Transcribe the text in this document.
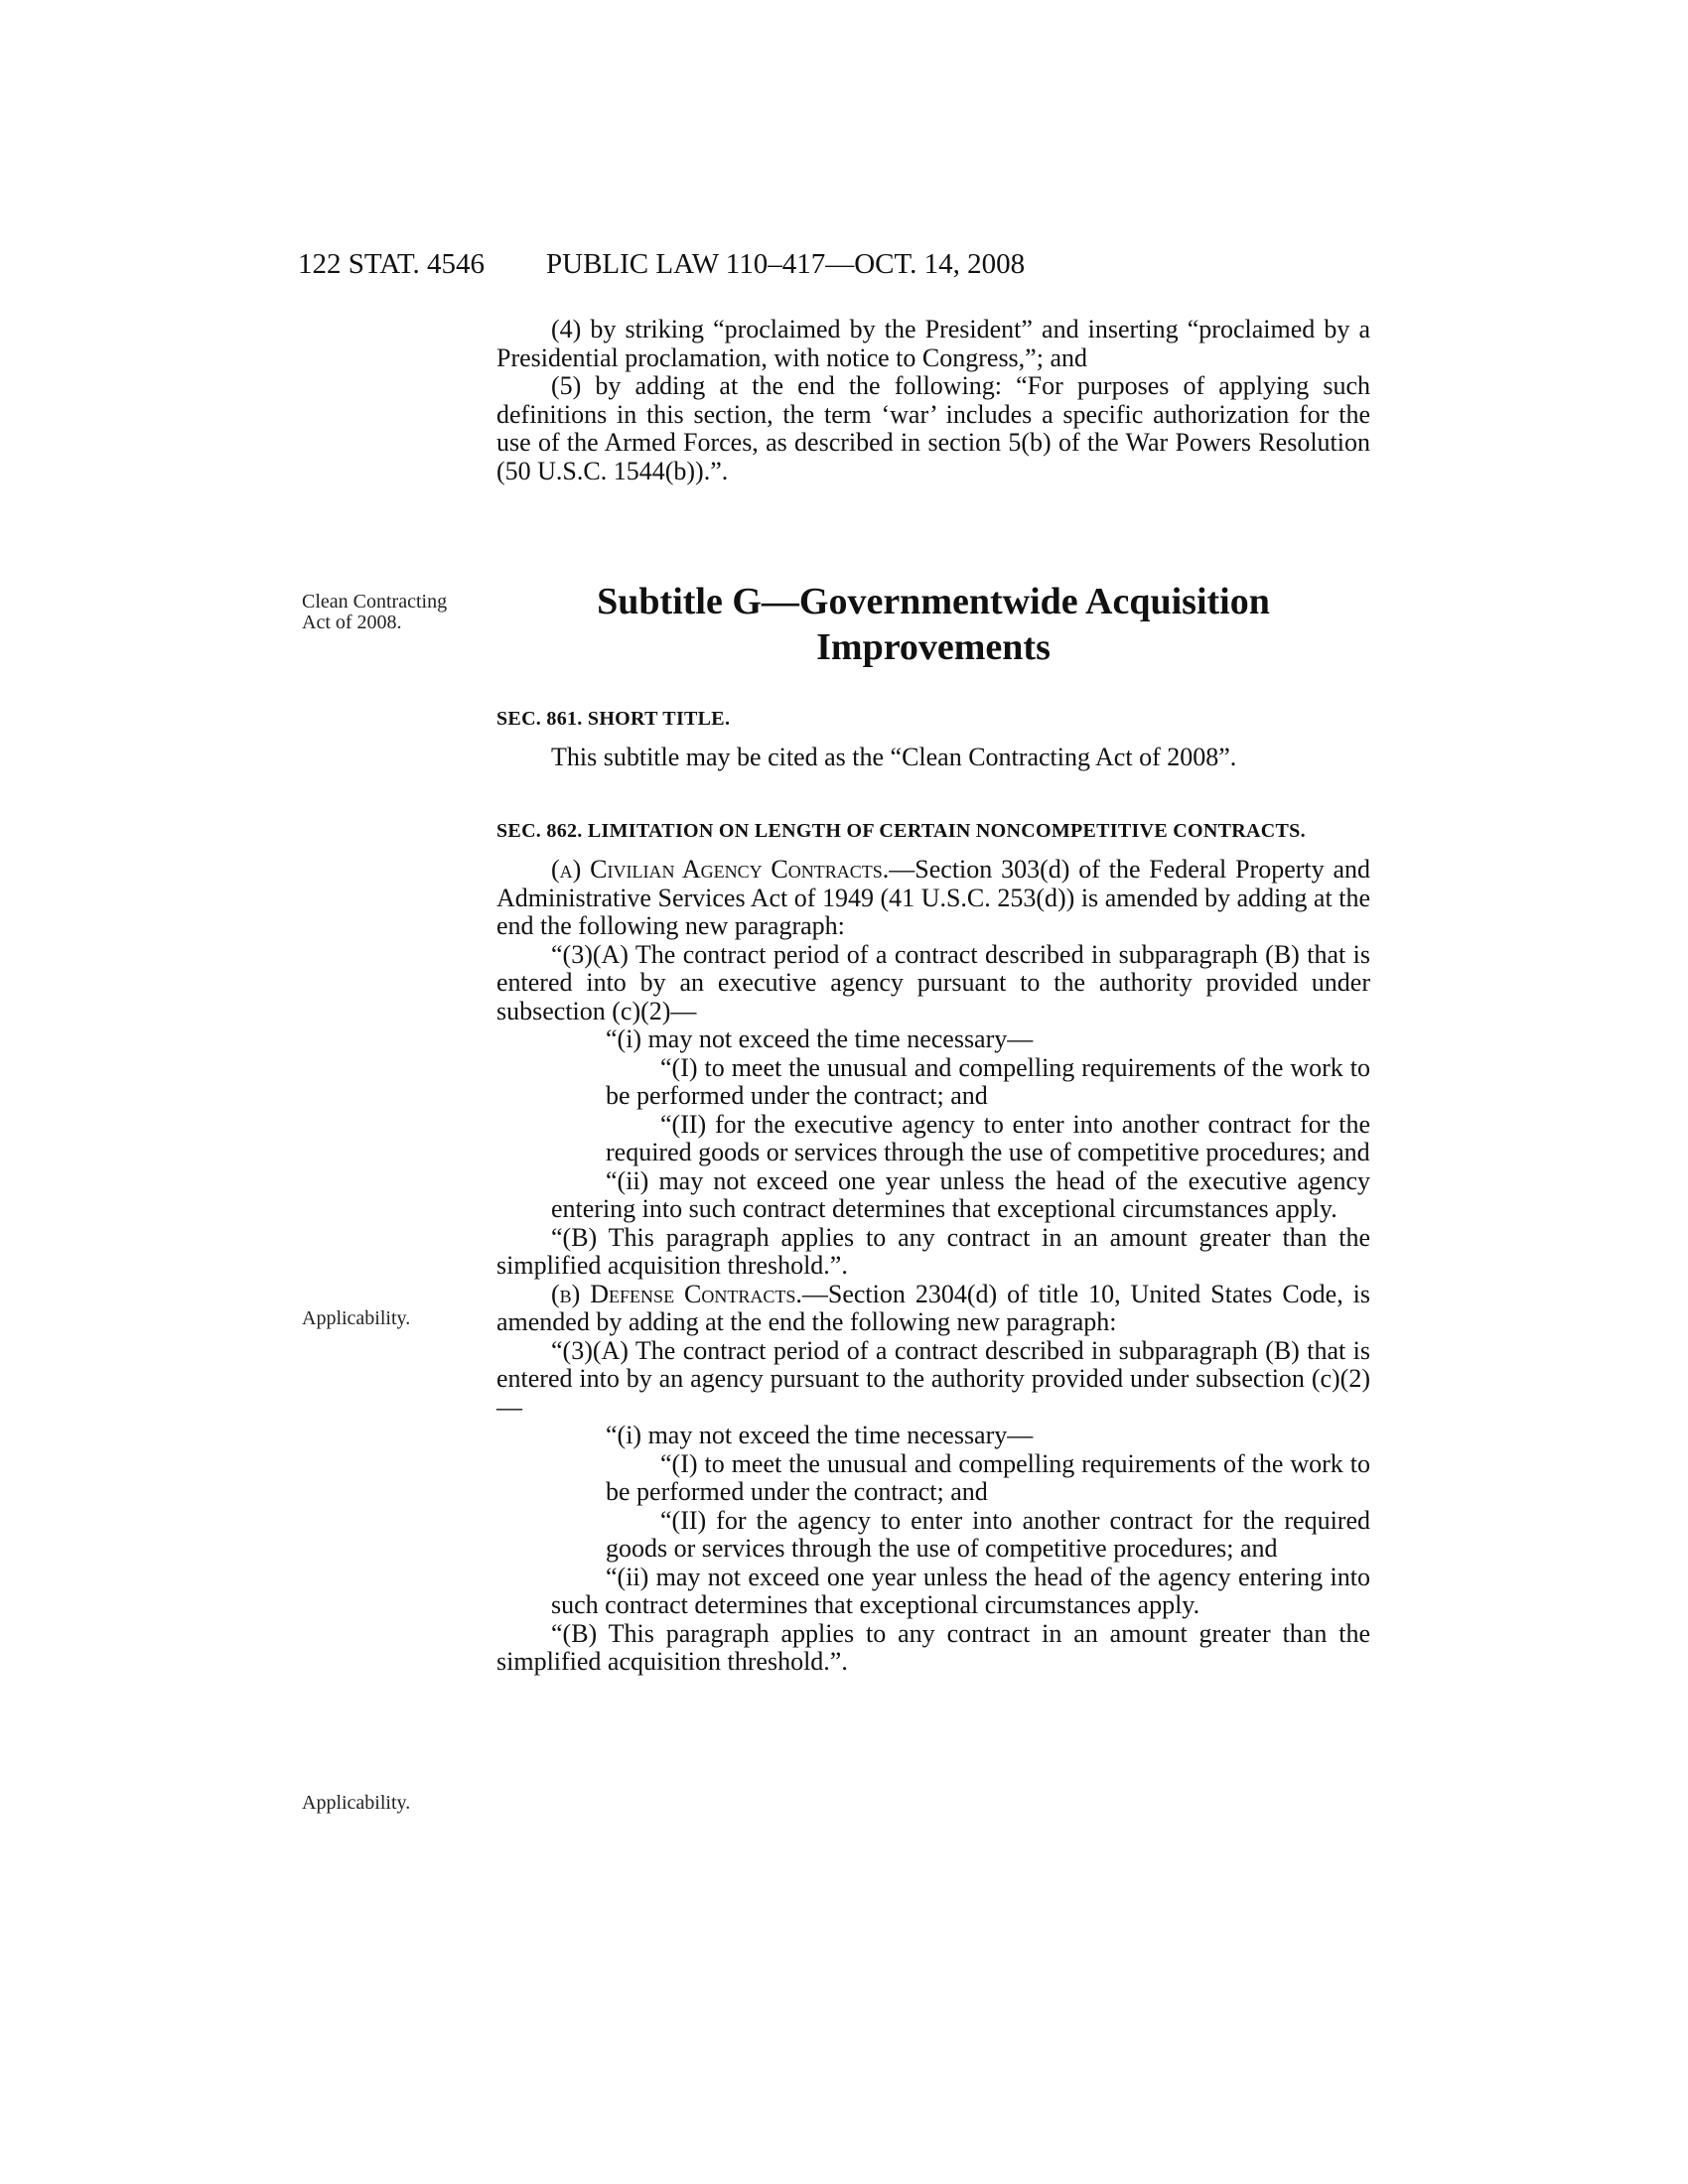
122 STAT. 4546 PUBLIC LAW 110–417—OCT. 14, 2008

(4) by striking “proclaimed by the President” and inserting “proclaimed by a Presidential proclamation, with notice to Congress,”; and

(5) by adding at the end the following: “For purposes of applying such definitions in this section, the term ‘war’ includes a specific authorization for the use of the Armed Forces, as described in section 5(b) of the War Powers Resolution (50 U.S.C. 1544(b)).”.

Clean Contracting Act of 2008.	Subtitle G—Governmentwide Acquisition
Improvements
SEC. 861. SHORT TITLE.

This subtitle may be cited as the “Clean Contracting Act of 2008”.

SEC. 862. LIMITATION ON LENGTH OF CERTAIN NONCOMPETITIVE CONTRACTS.

(a) Civilian Agency Contracts.—Section 303(d) of the Federal Property and Administrative Services Act of 1949 (41 U.S.C. 253(d)) is amended by adding at the end the following new paragraph:

“(3)(A) The contract period of a contract described in subparagraph (B) that is entered into by an executive agency pursuant to the authority provided under subsection (c)(2)—

“(i) may not exceed the time necessary—

“(I) to meet the unusual and compelling requirements of the work to be performed under the contract; and

“(II) for the executive agency to enter into another contract for the required goods or services through the use of competitive procedures; and

“(ii) may not exceed one year unless the head of the executive agency entering into such contract determines that exceptional circumstances apply.

“(B) This paragraph applies to any contract in an amount greater than the simplified acquisition threshold.”.

(b) Defense Contracts.—Section 2304(d) of title 10, United States Code, is amended by adding at the end the following new paragraph:

“(3)(A) The contract period of a contract described in subparagraph (B) that is entered into by an agency pursuant to the authority provided under subsection (c)(2)—

“(i) may not exceed the time necessary—

“(I) to meet the unusual and compelling requirements of the work to be performed under the contract; and

“(II) for the agency to enter into another contract for the required goods or services through the use of competitive procedures; and

“(ii) may not exceed one year unless the head of the agency entering into such contract determines that exceptional circumstances apply.

“(B) This paragraph applies to any contract in an amount greater than the simplified acquisition threshold.”.

Applicability.
Applicability.
